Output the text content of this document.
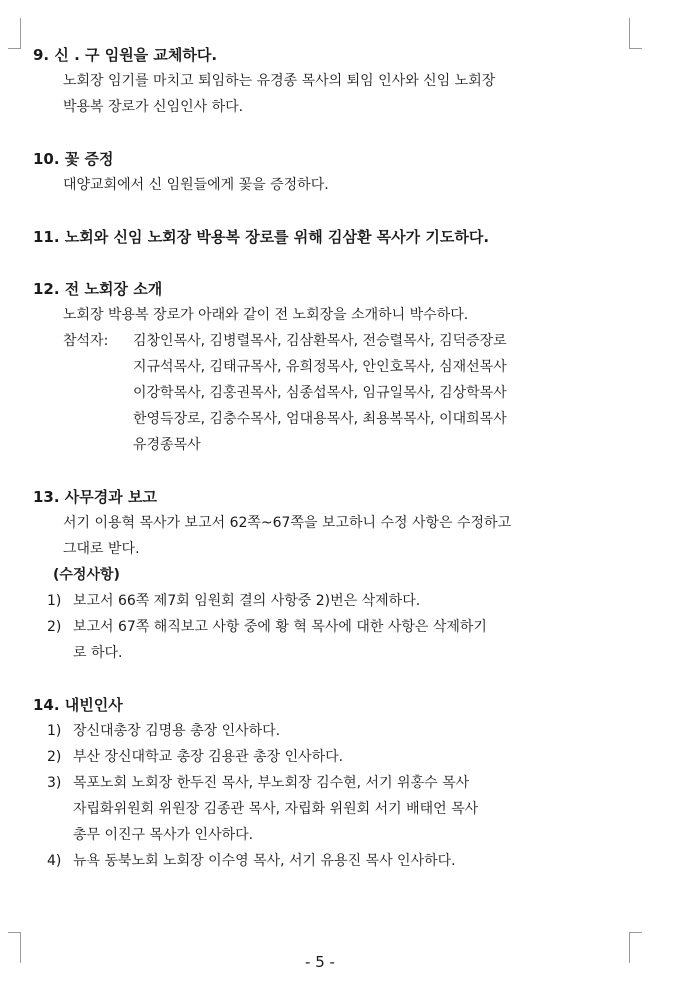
9. 신 . 구 임원을 교체하다.

노회장 임기를 마치고 퇴임하는 유경종 목사의 퇴임 인사와 신임 노회장

박용복 장로가 신임인사 하다.

10. 꽃 증정

대양교회에서 신 임원들에게 꽃을 증정하다.

11. 노회와 신임 노회장 박용복 장로를 위해 김삼환 목사가 기도하다.

12. 전 노회장 소개

노회장 박용복 장로가 아래와 같이 전 노회장을 소개하니 박수하다.

참석자:	김창인목사, 김병렬목사, 김삼환목사, 전승렬목사, 김덕증장로

지규석목사, 김태규목사, 유희정목사, 안인호목사, 심재선목사

이강학목사, 김홍권목사, 심종섭목사, 임규일목사, 김상학목사

한영득장로, 김충수목사, 엄대용목사, 최용복목사, 이대희목사

유경종목사

13. 사무경과 보고

서기 이용혁 목사가 보고서 62쪽~67쪽을 보고하니 수정 사항은 수정하고

그대로 받다.

(수정사항)

1) 보고서 66쪽 제7회 임원회 결의 사항중 2)번은 삭제하다.

2) 보고서 67쪽 해직보고 사항 중에 황 혁 목사에 대한 사항은 삭제하기

로 하다.

14. 내빈인사

1) 장신대총장 김명용 총장 인사하다.

2) 부산 장신대학교 총장 김용관 총장 인사하다.

3) 목포노회 노회장 한두진 목사, 부노회장 김수현, 서기 위홍수 목사

자립화위원회 위원장 김종관 목사, 자립화 위원회 서기 배태언 목사

총무 이진구 목사가 인사하다.

4) 뉴욕 동북노회 노회장 이수영 목사, 서기 유용진 목사 인사하다.

- 5 -
